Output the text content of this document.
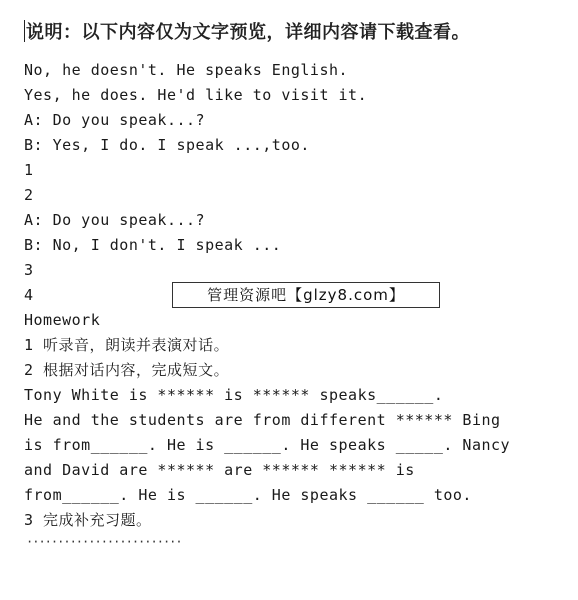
说明：以下内容仅为文字预览，详细内容请下载查看。
No, he doesn't. He speaks English.
Yes, he does. He'd like to visit it.
A: Do you speak...?
B: Yes, I do. I speak ...,too.
1
2
A: Do you speak...?
B: No, I don't. I speak ...
3
4
Homework
1 听录音，朗读并表演对话。
2 根据对话内容，完成短文。
Tony White is ****** is ****** speaks______.
He and the students are from different ****** Bing
is from______. He is ______. He speaks _____. Nancy
and David are ****** are ****** ****** is
from______. He is ______. He speaks ______ too.
3 完成补充习题。
管理资源吧【glzy8.com】
·························
